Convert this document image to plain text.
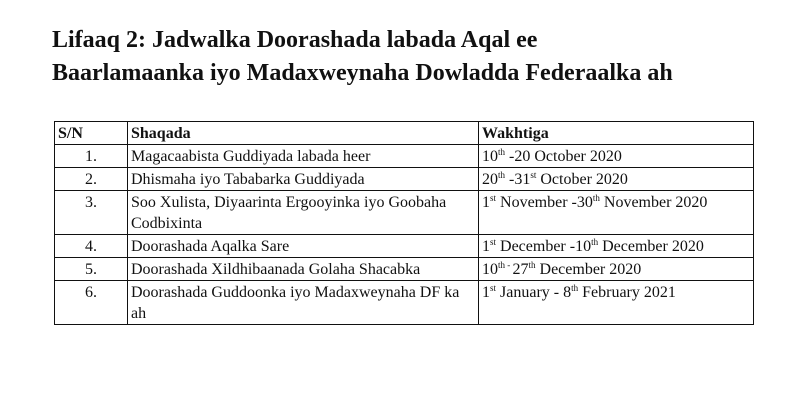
Lifaaq 2: Jadwalka Doorashada labada Aqal ee
Baarlamaanka iyo Madaxweynaha Dowladda Federaalka ah
S/N	Shaqada	Wakhtiga
1.	Magacaabista Guddiyada labada heer	10th -20 October 2020
2.	Dhismaha iyo Tababarka Guddiyada	20th -31st October 2020
3.	Soo Xulista, Diyaarinta Ergooyinka iyo Goobaha Codbixinta	1st November -30th November 2020
4.	Doorashada Aqalka Sare	1st December -10th December 2020
5.	Doorashada Xildhibaanada Golaha Shacabka	$10^{th -}$ 27th December 2020
6.	Doorashada Guddoonka iyo Madaxweynaha DF ka ah	1st January - 8th February 2021
